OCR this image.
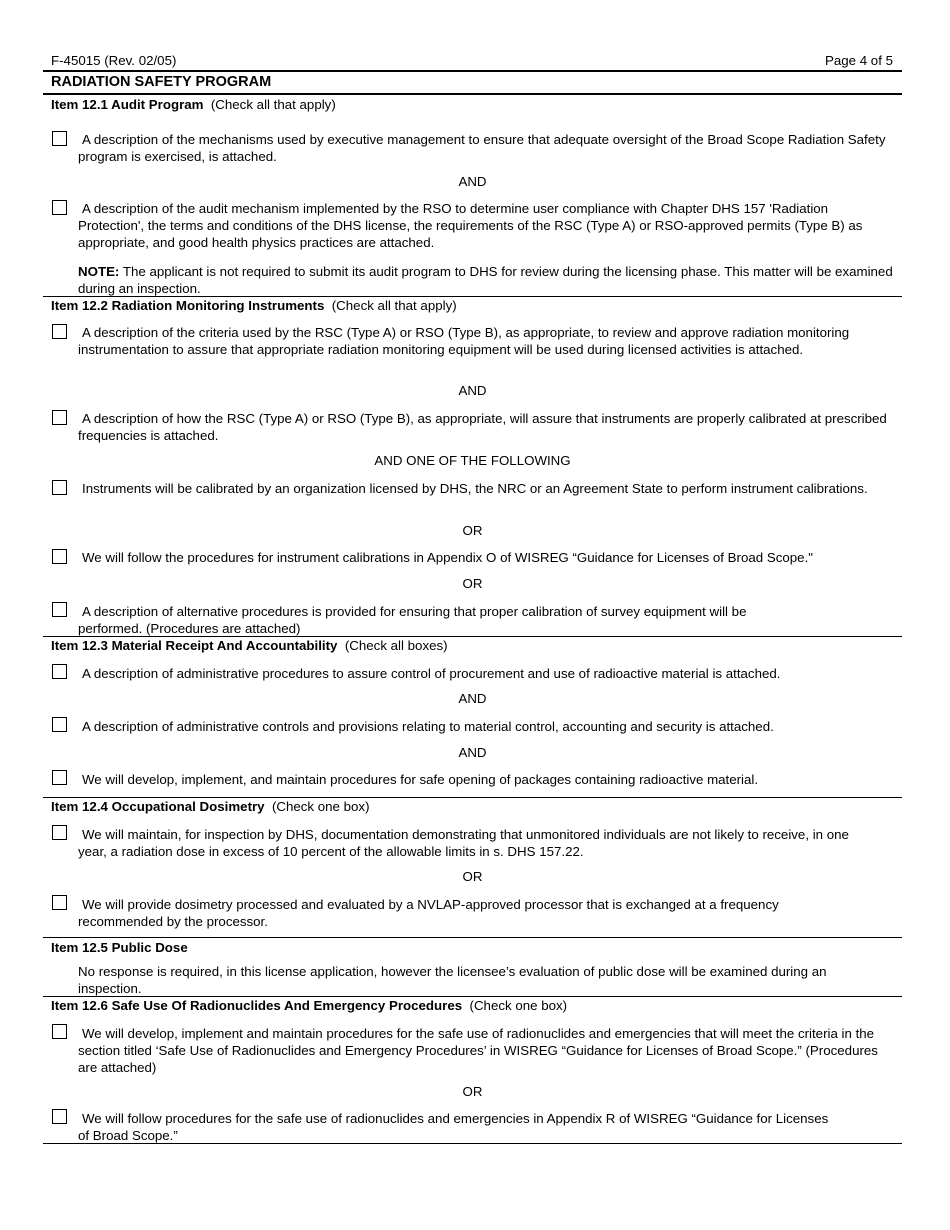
F-45015 (Rev. 02/05)	Page 4 of 5
RADIATION SAFETY PROGRAM
Item 12.1 Audit Program (Check all that apply)
A description of the mechanisms used by executive management to ensure that adequate oversight of the Broad Scope Radiation Safety program is exercised, is attached.
AND
A description of the audit mechanism implemented by the RSO to determine user compliance with Chapter DHS 157 'Radiation Protection', the terms and conditions of the DHS license, the requirements of the RSC (Type A) or RSO-approved permits (Type B) as appropriate, and good health physics practices are attached.
NOTE: The applicant is not required to submit its audit program to DHS for review during the licensing phase. This matter will be examined during an inspection.
Item 12.2 Radiation Monitoring Instruments (Check all that apply)
A description of the criteria used by the RSC (Type A) or RSO (Type B), as appropriate, to review and approve radiation monitoring instrumentation to assure that appropriate radiation monitoring equipment will be used during licensed activities is attached.
AND
A description of how the RSC (Type A) or RSO (Type B), as appropriate, will assure that instruments are properly calibrated at prescribed frequencies is attached.
AND ONE OF THE FOLLOWING
Instruments will be calibrated by an organization licensed by DHS, the NRC or an Agreement State to perform instrument calibrations.
OR
We will follow the procedures for instrument calibrations in Appendix O of WISREG “Guidance for Licenses of Broad Scope."
OR
A description of alternative procedures is provided for ensuring that proper calibration of survey equipment will be performed. (Procedures are attached)
Item 12.3 Material Receipt And Accountability (Check all boxes)
A description of administrative procedures to assure control of procurement and use of radioactive material is attached.
AND
A description of administrative controls and provisions relating to material control, accounting and security is attached.
AND
We will develop, implement, and maintain procedures for safe opening of packages containing radioactive material.
Item 12.4 Occupational Dosimetry (Check one box)
We will maintain, for inspection by DHS, documentation demonstrating that unmonitored individuals are not likely to receive, in one year, a radiation dose in excess of 10 percent of the allowable limits in s. DHS 157.22.
OR
We will provide dosimetry processed and evaluated by a NVLAP-approved processor that is exchanged at a frequency recommended by the processor.
Item 12.5 Public Dose
No response is required, in this license application, however the licensee’s evaluation of public dose will be examined during an inspection.
Item 12.6 Safe Use Of Radionuclides And Emergency Procedures (Check one box)
We will develop, implement and maintain procedures for the safe use of radionuclides and emergencies that will meet the criteria in the section titled ‘Safe Use of Radionuclides and Emergency Procedures’ in WISREG “Guidance for Licenses of Broad Scope.” (Procedures are attached)
OR
We will follow procedures for the safe use of radionuclides and emergencies in Appendix R of WISREG “Guidance for Licenses of Broad Scope.”
